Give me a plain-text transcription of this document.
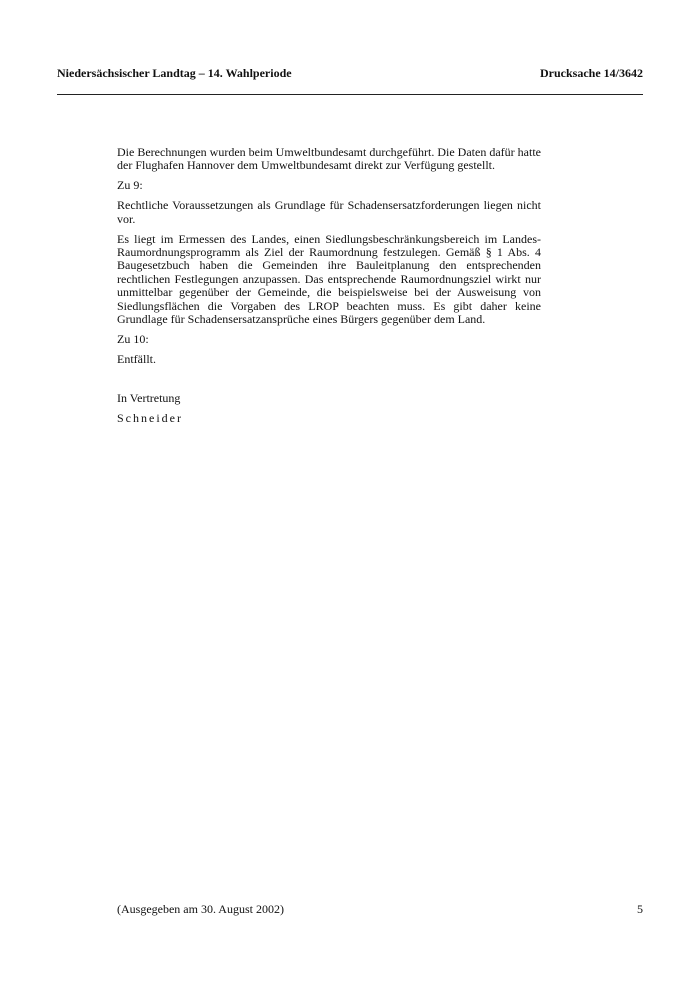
Niedersächsischer Landtag – 14. Wahlperiode	Drucksache 14/3642

Die Berechnungen wurden beim Umweltbundesamt durchgeführt. Die Daten dafür hatte der Flughafen Hannover dem Umweltbundesamt direkt zur Verfügung gestellt.

Zu 9:

Rechtliche Voraussetzungen als Grundlage für Schadensersatzforderungen liegen nicht vor.

Es liegt im Ermessen des Landes, einen Siedlungsbeschränkungsbereich im Landes-Raumordnungsprogramm als Ziel der Raumordnung festzulegen. Gemäß § 1 Abs. 4 Baugesetzbuch haben die Gemeinden ihre Bauleitplanung den entsprechenden rechtlichen Festlegungen anzupassen. Das entsprechende Raumordnungsziel wirkt nur unmittelbar gegenüber der Gemeinde, die beispielsweise bei der Ausweisung von Siedlungsflächen die Vorgaben des LROP beachten muss. Es gibt daher keine Grundlage für Schadensersatzansprüche eines Bürgers gegenüber dem Land.

Zu 10:

Entfällt.

In Vertretung

Schneider

(Ausgegeben am 30. August 2002)	5
